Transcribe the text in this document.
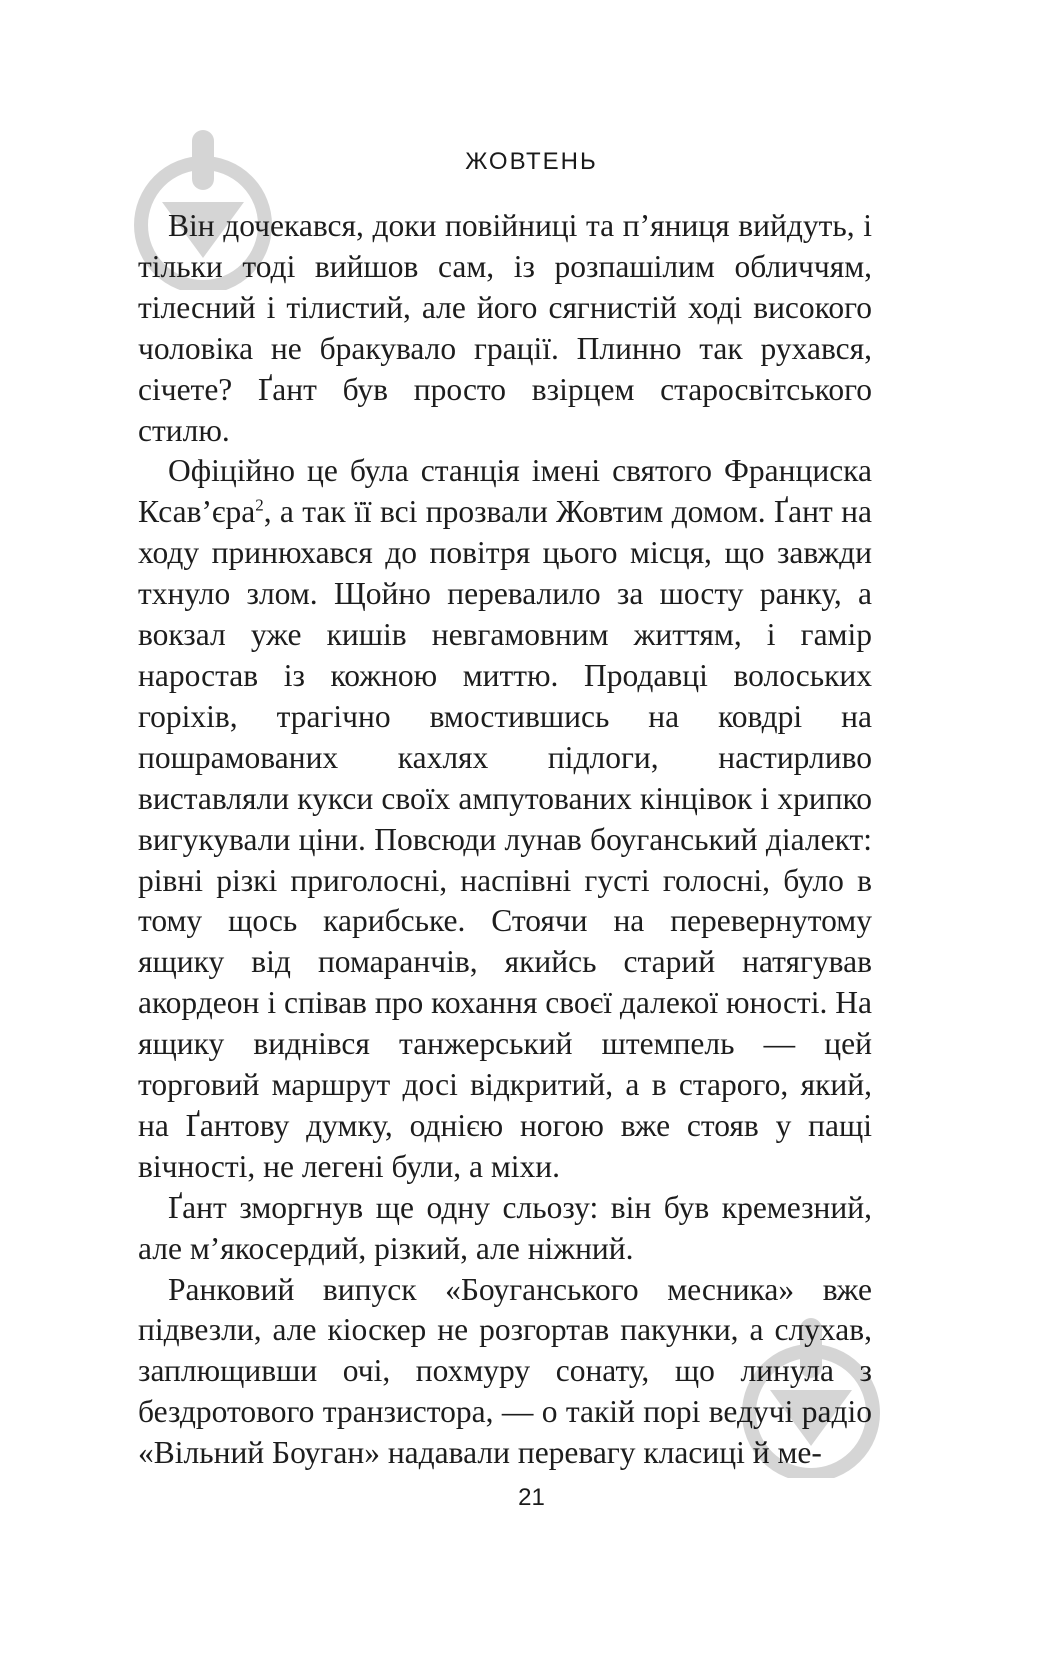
ЖОВТЕНЬ

Він дочекався, доки повійниці та п’яниця вийдуть, і тільки тоді вийшов сам, із розпашілим обличчям, тілесний і тілистий, але його сягнистій ході високого чоловіка не бракувало грації. Плинно так рухався, січете? Ґант був просто взірцем старосвітського стилю.

Офіційно це була станція імені святого Франциска Ксав’єра$^2$, а так її всі прозвали Жовтим домом. Ґант на ходу принюхався до повітря цього місця, що завжди тхнуло злом. Щойно перевалило за шосту ранку, а вокзал уже кишів невгамовним життям, і гамір наростав із кожною миттю. Продавці волоських горіхів, трагічно вмостившись на ковдрі на пошрамованих кахлях підлоги, настирливо виставляли кукси своїх ампутованих кінцівок і хрипко вигукували ціни. Повсюди лунав боуганський діалект: рівні різкі приголосні, наспівні густі голосні, було в тому щось карибське. Стоячи на перевернутому ящику від помаранчів, якийсь старий натягував акордеон і співав про кохання своєї далекої юності. На ящику виднівся танжерський штемпель — цей торговий маршрут досі відкритий, а в старого, який, на Ґантову думку, однією ногою вже стояв у пащі вічності, не легені були, а міхи.

Ґант зморгнув ще одну сльозу: він був кремезний, але м’якосердий, різкий, але ніжний.

Ранковий випуск «Боуганського месника» вже підвезли, але кіоскер не розгортав пакунки, а слухав, заплющивши очі, похмуру сонату, що линула з бездротового транзистора, — о такій порі ведучі радіо «Вільний Боуган» надавали перевагу класиці й ме-

21
